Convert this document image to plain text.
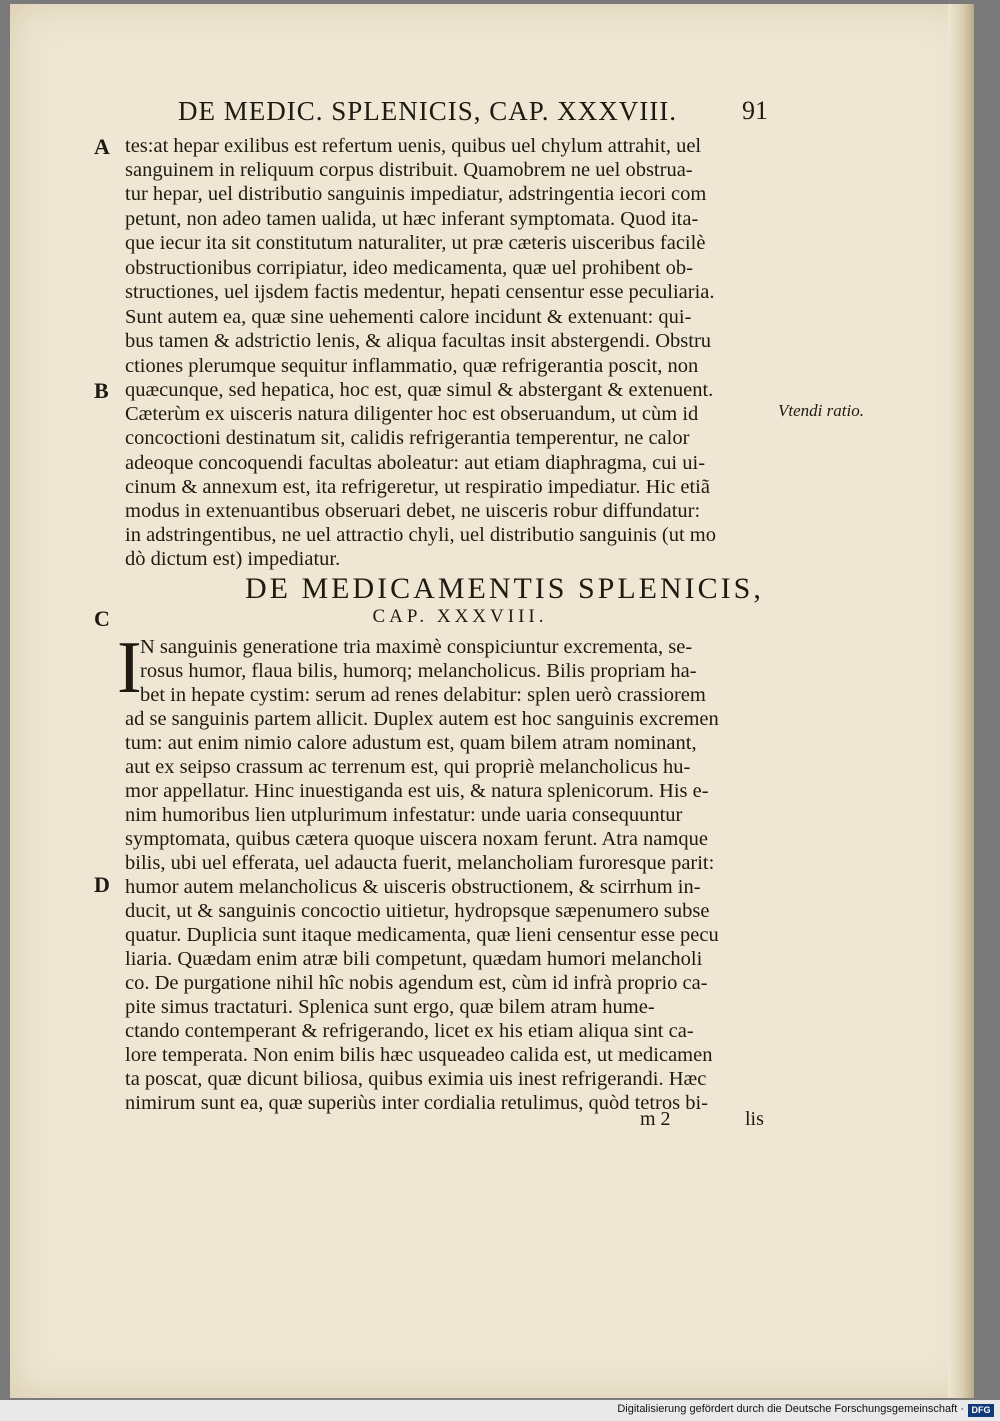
DE MEDIC. SPLENICIS, CAP. XXXVIII.	91
A
B
C
D
Vtendi ratio.
tes:at hepar exilibus est refertum uenis, quibus uel chylum attrahit, uel
sanguinem in reliquum corpus distribuit. Quamobrem ne uel obstrua-
tur hepar, uel distributio sanguinis impediatur, adstringentia iecori com
petunt, non adeo tamen ualida, ut hæc inferant symptomata. Quod ita-
que iecur ita sit constitutum naturaliter, ut præ cæteris uisceribus facilè
obstructionibus corripiatur, ideo medicamenta, quæ uel prohibent ob-
structiones, uel ijsdem factis medentur, hepati censentur esse peculiaria.
Sunt autem ea, quæ sine uehementi calore incidunt & extenuant: qui-
bus tamen & adstrictio lenis, & aliqua facultas insit abstergendi. Obstru
ctiones plerumque sequitur inflammatio, quæ refrigerantia poscit, non
quæcunque, sed hepatica, hoc est, quæ simul & abstergant & extenuent.
Cæterùm ex uisceris natura diligenter hoc est obseruandum, ut cùm id
concoctioni destinatum sit, calidis refrigerantia temperentur, ne calor
adeoque concoquendi facultas aboleatur: aut etiam diaphragma, cui ui-
cinum & annexum est, ita refrigeretur, ut respiratio impediatur. Hic etiã
modus in extenuantibus obseruari debet, ne uisceris robur diffundatur:
in adstringentibus, ne uel attractio chyli, uel distributio sanguinis (ut mo
dò dictum est) impediatur.
DE MEDICAMENTIS SPLENICIS,
CAP. XXXVIII.
I
N sanguinis generatione tria maximè conspiciuntur excrementa, se-
rosus humor, flaua bilis, humorq; melancholicus. Bilis propriam ha-
bet in hepate cystim: serum ad renes delabitur: splen uerò crassiorem
ad se sanguinis partem allicit. Duplex autem est hoc sanguinis excremen
tum: aut enim nimio calore adustum est, quam bilem atram nominant,
aut ex seipso crassum ac terrenum est, qui propriè melancholicus hu-
mor appellatur. Hinc inuestiganda est uis, & natura splenicorum. His e-
nim humoribus lien utplurimum infestatur: unde uaria consequuntur
symptomata, quibus cætera quoque uiscera noxam ferunt. Atra namque
bilis, ubi uel efferata, uel adaucta fuerit, melancholiam furoresque parit:
humor autem melancholicus & uisceris obstructionem, & scirrhum in-
ducit, ut & sanguinis concoctio uitietur, hydropsque sæpenumero subse
quatur. Duplicia sunt itaque medicamenta, quæ lieni censentur esse pecu
liaria. Quædam enim atræ bili competunt, quædam humori melancholi
co. De purgatione nihil hîc nobis agendum est, cùm id infrà proprio ca-
pite simus tractaturi. Splenica sunt ergo, quæ bilem atram hume-
ctando contemperant & refrigerando, licet ex his etiam aliqua sint ca-
lore temperata. Non enim bilis hæc usqueadeo calida est, ut medicamen
ta poscat, quæ dicunt biliosa, quibus eximia uis inest refrigerandi. Hæc
nimirum sunt ea, quæ superiùs inter cordialia retulimus, quòd tetros bi-
m 2	lis
Digitalisierung gefördert durch die Deutsche Forschungsgemeinschaft · DFG
